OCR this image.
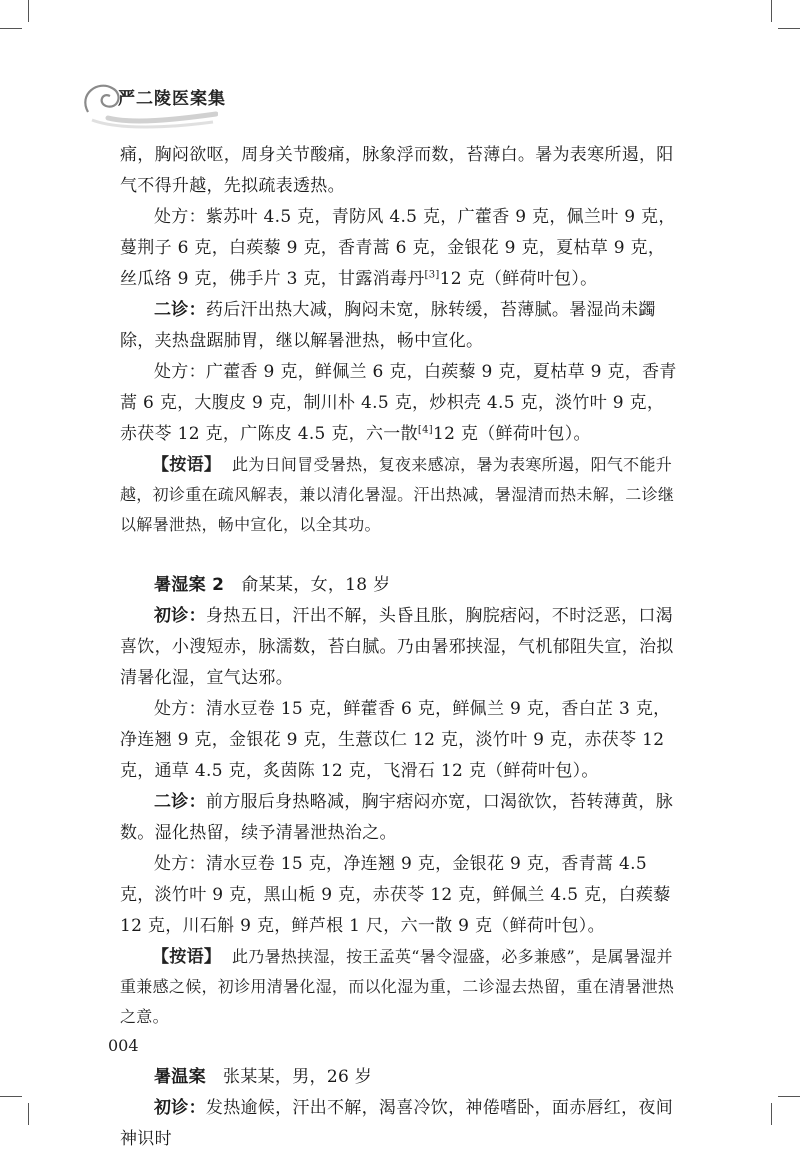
严二陵医案集

痛，胸闷欲呕，周身关节酸痛，脉象浮而数，苔薄白。暑为表寒所遏，阳气不得升越，先拟疏表透热。

处方：紫苏叶 4.5 克，青防风 4.5 克，广藿香 9 克，佩兰叶 9 克，蔓荆子 6 克，白蒺藜 9 克，香青蒿 6 克，金银花 9 克，夏枯草 9 克，丝瓜络 9 克，佛手片 3 克，甘露消毒丹[3]12 克（鲜荷叶包）。

二诊：药后汗出热大减，胸闷未宽，脉转缓，苔薄腻。暑湿尚未蠲除，夹热盘踞肺胃，继以解暑泄热，畅中宣化。

处方：广藿香 9 克，鲜佩兰 6 克，白蒺藜 9 克，夏枯草 9 克，香青蒿 6 克，大腹皮 9 克，制川朴 4.5 克，炒枳壳 4.5 克，淡竹叶 9 克，赤茯苓 12 克，广陈皮 4.5 克，六一散[4]12 克（鲜荷叶包）。

【按语】 此为日间冒受暑热，复夜来感凉，暑为表寒所遏，阳气不能升越，初诊重在疏风解表，兼以清化暑湿。汗出热减，暑湿清而热未解，二诊继以解暑泄热，畅中宣化，以全其功。

暑湿案 2 俞某某，女，18 岁

初诊：身热五日，汗出不解，头昏且胀，胸脘痞闷，不时泛恶，口渴喜饮，小溲短赤，脉濡数，苔白腻。乃由暑邪挟湿，气机郁阻失宣，治拟清暑化湿，宣气达邪。

处方：清水豆卷 15 克，鲜藿香 6 克，鲜佩兰 9 克，香白芷 3 克，净连翘 9 克，金银花 9 克，生薏苡仁 12 克，淡竹叶 9 克，赤茯苓 12 克，通草 4.5 克，炙茵陈 12 克，飞滑石 12 克（鲜荷叶包）。

二诊：前方服后身热略减，胸宇痞闷亦宽，口渴欲饮，苔转薄黄，脉数。湿化热留，续予清暑泄热治之。

处方：清水豆卷 15 克，净连翘 9 克，金银花 9 克，香青蒿 4.5 克，淡竹叶 9 克，黑山栀 9 克，赤茯苓 12 克，鲜佩兰 4.5 克，白蒺藜 12 克，川石斛 9 克，鲜芦根 1 尺，六一散 9 克（鲜荷叶包）。

【按语】 此乃暑热挟湿，按王孟英“暑令湿盛，必多兼感”，是属暑湿并重兼感之候，初诊用清暑化湿，而以化湿为重，二诊湿去热留，重在清暑泄热之意。

暑温案 张某某，男，26 岁

初诊：发热逾候，汗出不解，渴喜冷饮，神倦嗜卧，面赤唇红，夜间神识时

004
